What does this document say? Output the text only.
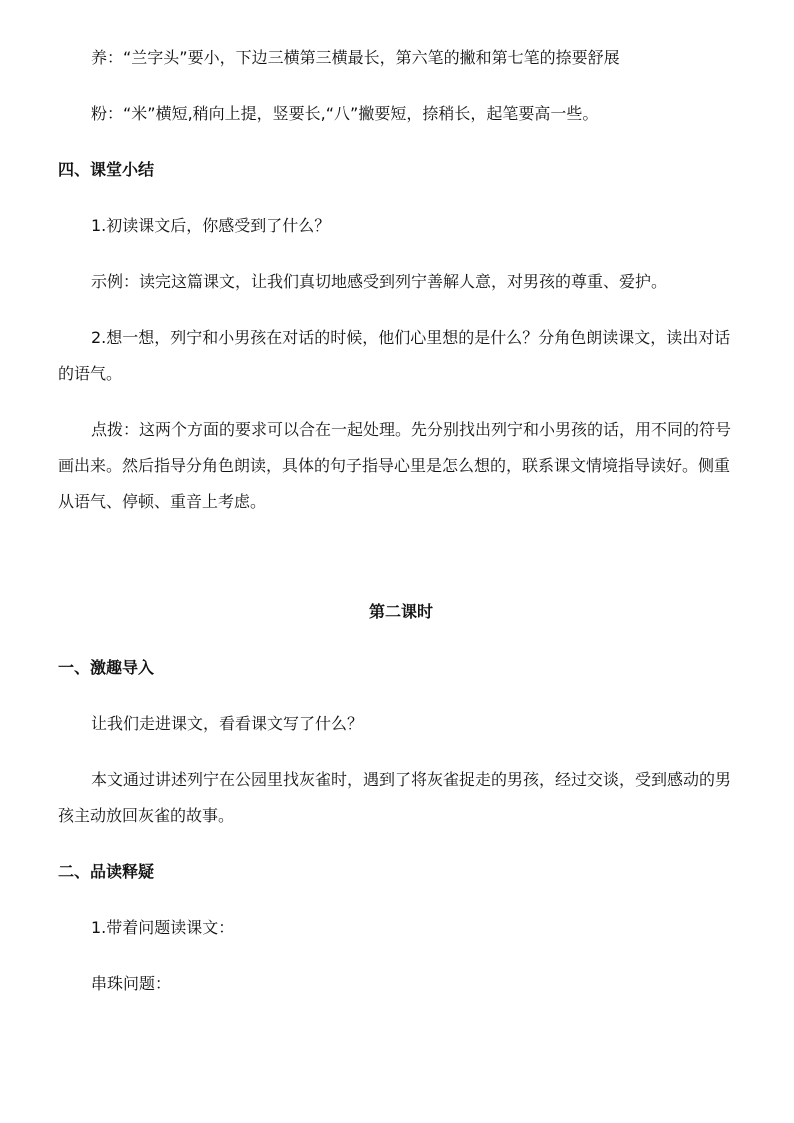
养：“兰字头”要小，下边三横第三横最长，第六笔的撇和第七笔的捺要舒展

粉：“米”横短,稍向上提，竖要长,“八”撇要短，捺稍长，起笔要高一些。

四、课堂小结

1.初读课文后，你感受到了什么？

示例：读完这篇课文，让我们真切地感受到列宁善解人意，对男孩的尊重、爱护。

2.想一想，列宁和小男孩在对话的时候，他们心里想的是什么？分角色朗读课文，读出对话的语气。

点拨：这两个方面的要求可以合在一起处理。先分别找出列宁和小男孩的话，用不同的符号画出来。然后指导分角色朗读，具体的句子指导心里是怎么想的，联系课文情境指导读好。侧重从语气、停顿、重音上考虑。

第二课时

一、激趣导入

让我们走进课文，看看课文写了什么？

本文通过讲述列宁在公园里找灰雀时，遇到了将灰雀捉走的男孩，经过交谈，受到感动的男孩主动放回灰雀的故事。

二、品读释疑

1.带着问题读课文：

串珠问题：
